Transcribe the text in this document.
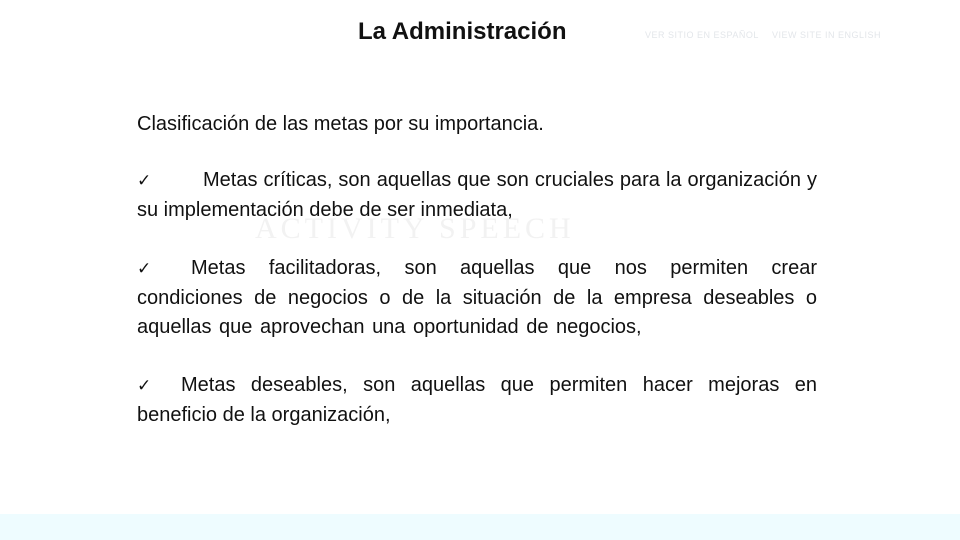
La Administración	VER SITIO EN ESPAÑOL VIEW SITE IN ENGLISH
ACTIVITY SPEECH

Clasificación de las metas por su importancia.

✓	Metas críticas, son aquellas que son cruciales para la organización y su implementación debe de ser inmediata,

✓ Metas facilitadoras, son aquellas que nos permiten crear condiciones de negocios o de la situación de la empresa deseables o aquellas que aprovechan una oportunidad de negocios,

✓ Metas deseables, son aquellas que permiten hacer mejoras en beneficio de la organización,
